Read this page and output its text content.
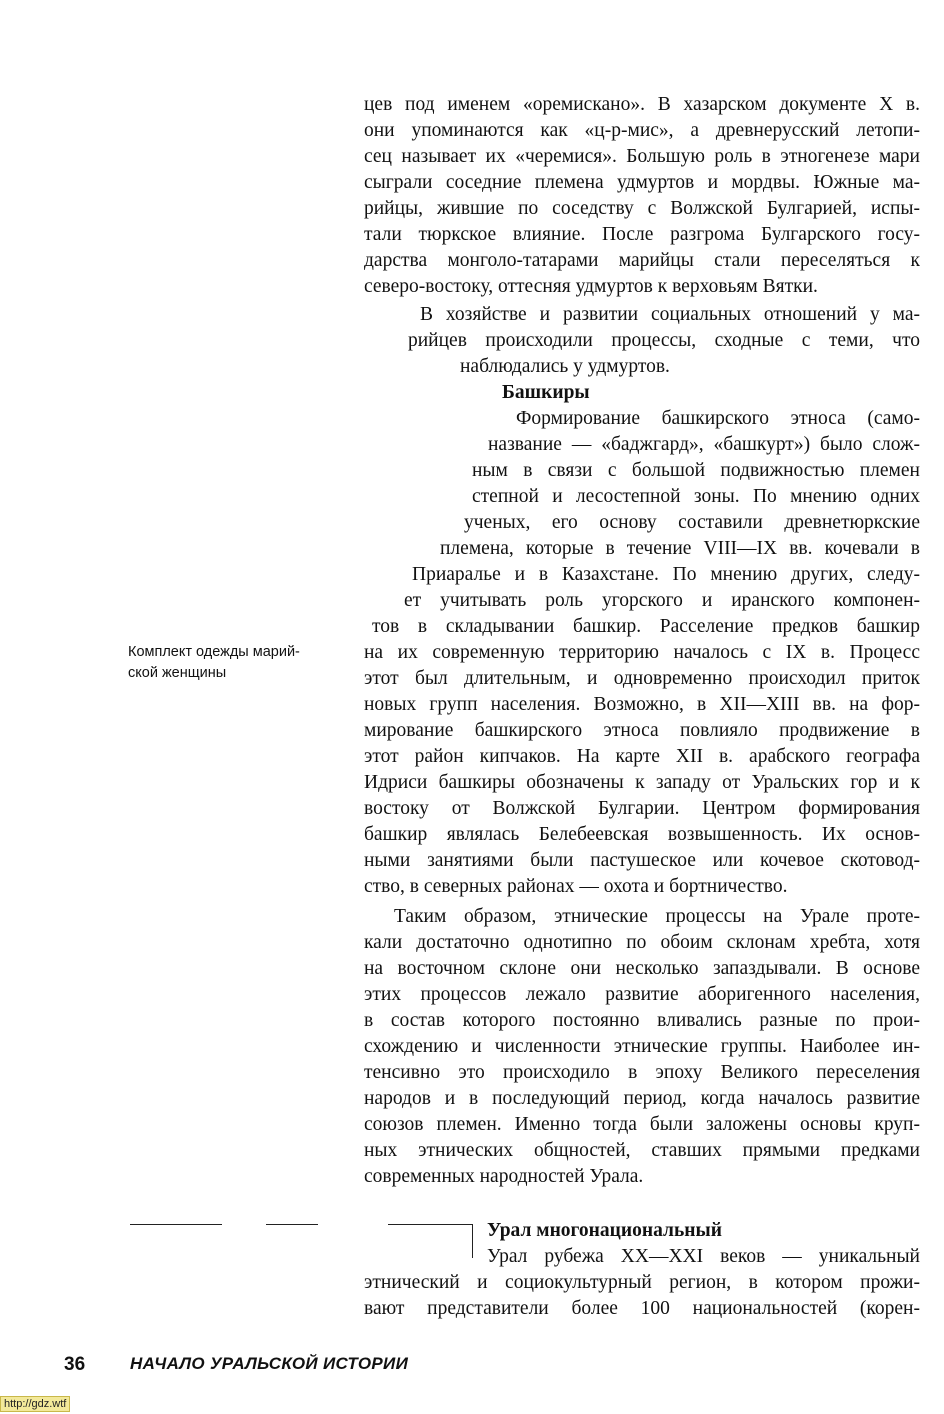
цев под именем «оремискано». В хазарском документе X в.
они упоминаются как «ц-р-мис», а древнерусский летопи-
сец называет их «черемися». Большую роль в этногенезе мари
сыграли соседние племена удмуртов и мордвы. Южные ма-
рийцы, жившие по соседству с Волжской Булгарией, испы-
тали тюркское влияние. После разгрома Булгарского госу-
дарства монголо-татарами марийцы стали переселяться к
северо-востоку, оттесняя удмуртов к верховьям Вятки.
В хозяйстве и развитии социальных отношений у ма-
рийцев происходили процессы, сходные с теми, что
наблюдались у удмуртов.
Башкиры
Формирование башкирского этноса (само-
название — «баджгард», «башкурт») было слож-
ным в связи с большой подвижностью племен
степной и лесостепной зоны. По мнению одних
ученых, его основу составили древнетюркские
племена, которые в течение VIII—IX вв. кочевали в
Приаралье и в Казахстане. По мнению других, следу-
ет учитывать роль угорского и иранского компонен-
тов в складывании башкир. Расселение предков башкир
на их современную территорию началось с IX в. Процесс
этот был длительным, и одновременно происходил приток
новых групп населения. Возможно, в XII—XIII вв. на фор-
мирование башкирского этноса повлияло продвижение в
этот район кипчаков. На карте XII в. арабского географа
Идриси башкиры обозначены к западу от Уральских гор и к
востоку от Волжской Булгарии. Центром формирования
башкир являлась Белебеевская возвышенность. Их основ-
ными занятиями были пастушеское или кочевое скотовод-
ство, в северных районах — охота и бортничество.
Таким образом, этнические процессы на Урале проте-
кали достаточно однотипно по обоим склонам хребта, хотя
на восточном склоне они несколько запаздывали. В основе
этих процессов лежало развитие аборигенного населения,
в состав которого постоянно вливались разные по прои-
схождению и численности этнические группы. Наиболее ин-
тенсивно это происходило в эпоху Великого переселения
народов и в последующий период, когда началось развитие
союзов племен. Именно тогда были заложены основы круп-
ных этнических общностей, ставших прямыми предками
современных народностей Урала.
Урал многонациональный
Урал рубежа XX—XXI веков — уникальный
этнический и социокультурный регион, в котором прожи-
вают представители более 100 национальностей (корен-
Комплект одежды марий-ской женщины
36	НАЧАЛО УРАЛЬСКОЙ ИСТОРИИ
http://gdz.wtf
